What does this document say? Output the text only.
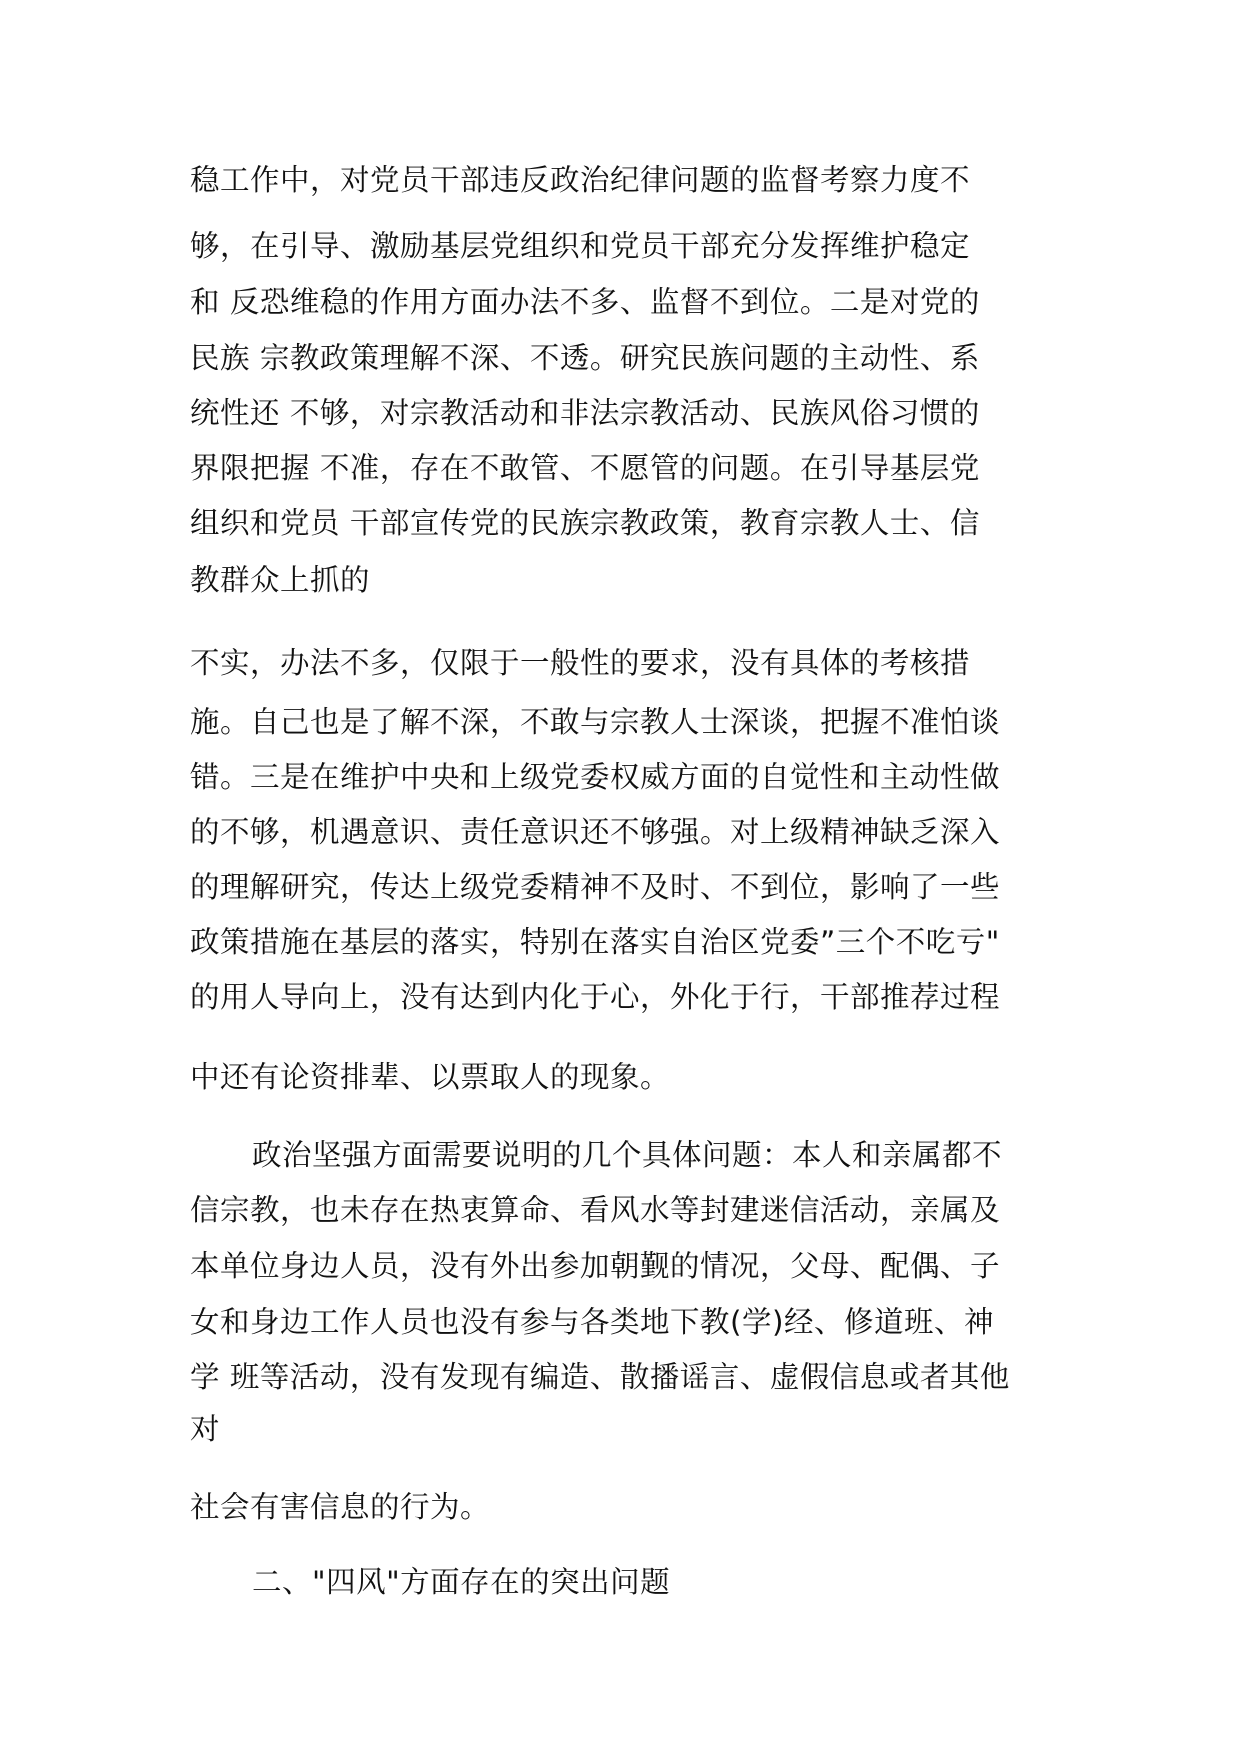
稳工作中，对党员干部违反政治纪律问题的监督考察力度不
够，在引导、激励基层党组织和党员干部充分发挥维护稳定
和 反恐维稳的作用方面办法不多、监督不到位。二是对党的
民族 宗教政策理解不深、不透。研究民族问题的主动性、系
统性还 不够，对宗教活动和非法宗教活动、民族风俗习惯的
界限把握 不准，存在不敢管、不愿管的问题。在引导基层党
组织和党员 干部宣传党的民族宗教政策，教育宗教人士、信
教群众上抓的
不实，办法不多，仅限于一般性的要求，没有具体的考核措
施。自己也是了解不深，不敢与宗教人士深谈，把握不准怕谈
错。三是在维护中央和上级党委权威方面的自觉性和主动性做
的不够，机遇意识、责任意识还不够强。对上级精神缺乏深入
的理解研究，传达上级党委精神不及时、不到位，影响了一些
政策措施在基层的落实，特别在落实自治区党委”三个不吃亏"
的用人导向上，没有达到内化于心，外化于行，干部推荐过程
中还有论资排辈、以票取人的现象。
政治坚强方面需要说明的几个具体问题：本人和亲属都不
信宗教，也未存在热衷算命、看风水等封建迷信活动，亲属及
本单位身边人员，没有外出参加朝觐的情况，父母、配偶、子
女和身边工作人员也没有参与各类地下教(学)经、修道班、神
学 班等活动，没有发现有编造、散播谣言、虚假信息或者其他
对
社会有害信息的行为。
二、"四风"方面存在的突出问题
